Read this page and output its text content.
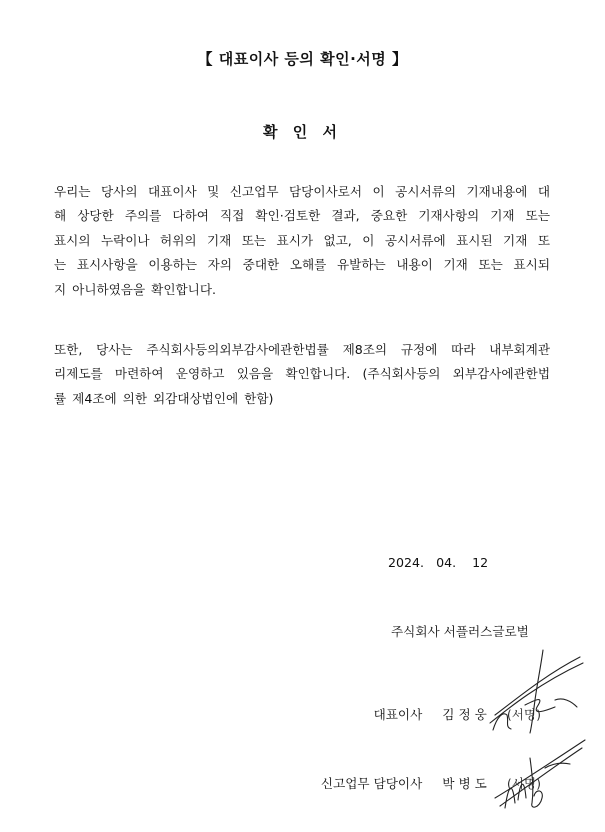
【 대표이사 등의 확인·서명 】
확 인 서
우리는 당사의 대표이사 및 신고업무 담당이사로서 이 공시서류의 기재내용에 대
해 상당한 주의를 다하여 직접 확인·검토한 결과, 중요한 기재사항의 기재 또는
표시의 누락이나 허위의 기재 또는 표시가 없고, 이 공시서류에 표시된 기재 또
는 표시사항을 이용하는 자의 중대한 오해를 유발하는 내용이 기재 또는 표시되
지 아니하였음을 확인합니다.
또한, 당사는 주식회사등의외부감사에관한법률 제8조의 규정에 따라 내부회계관
리제도를 마련하여 운영하고 있음을 확인합니다. (주식회사등의 외부감사에관한법
률 제4조에 의한 외감대상법인에 한함)
2024.   04.    12
주식회사 서플러스글로벌

대표이사 김 정 웅 (서명)

신고업무 담당이사 박 병 도 (서명)
